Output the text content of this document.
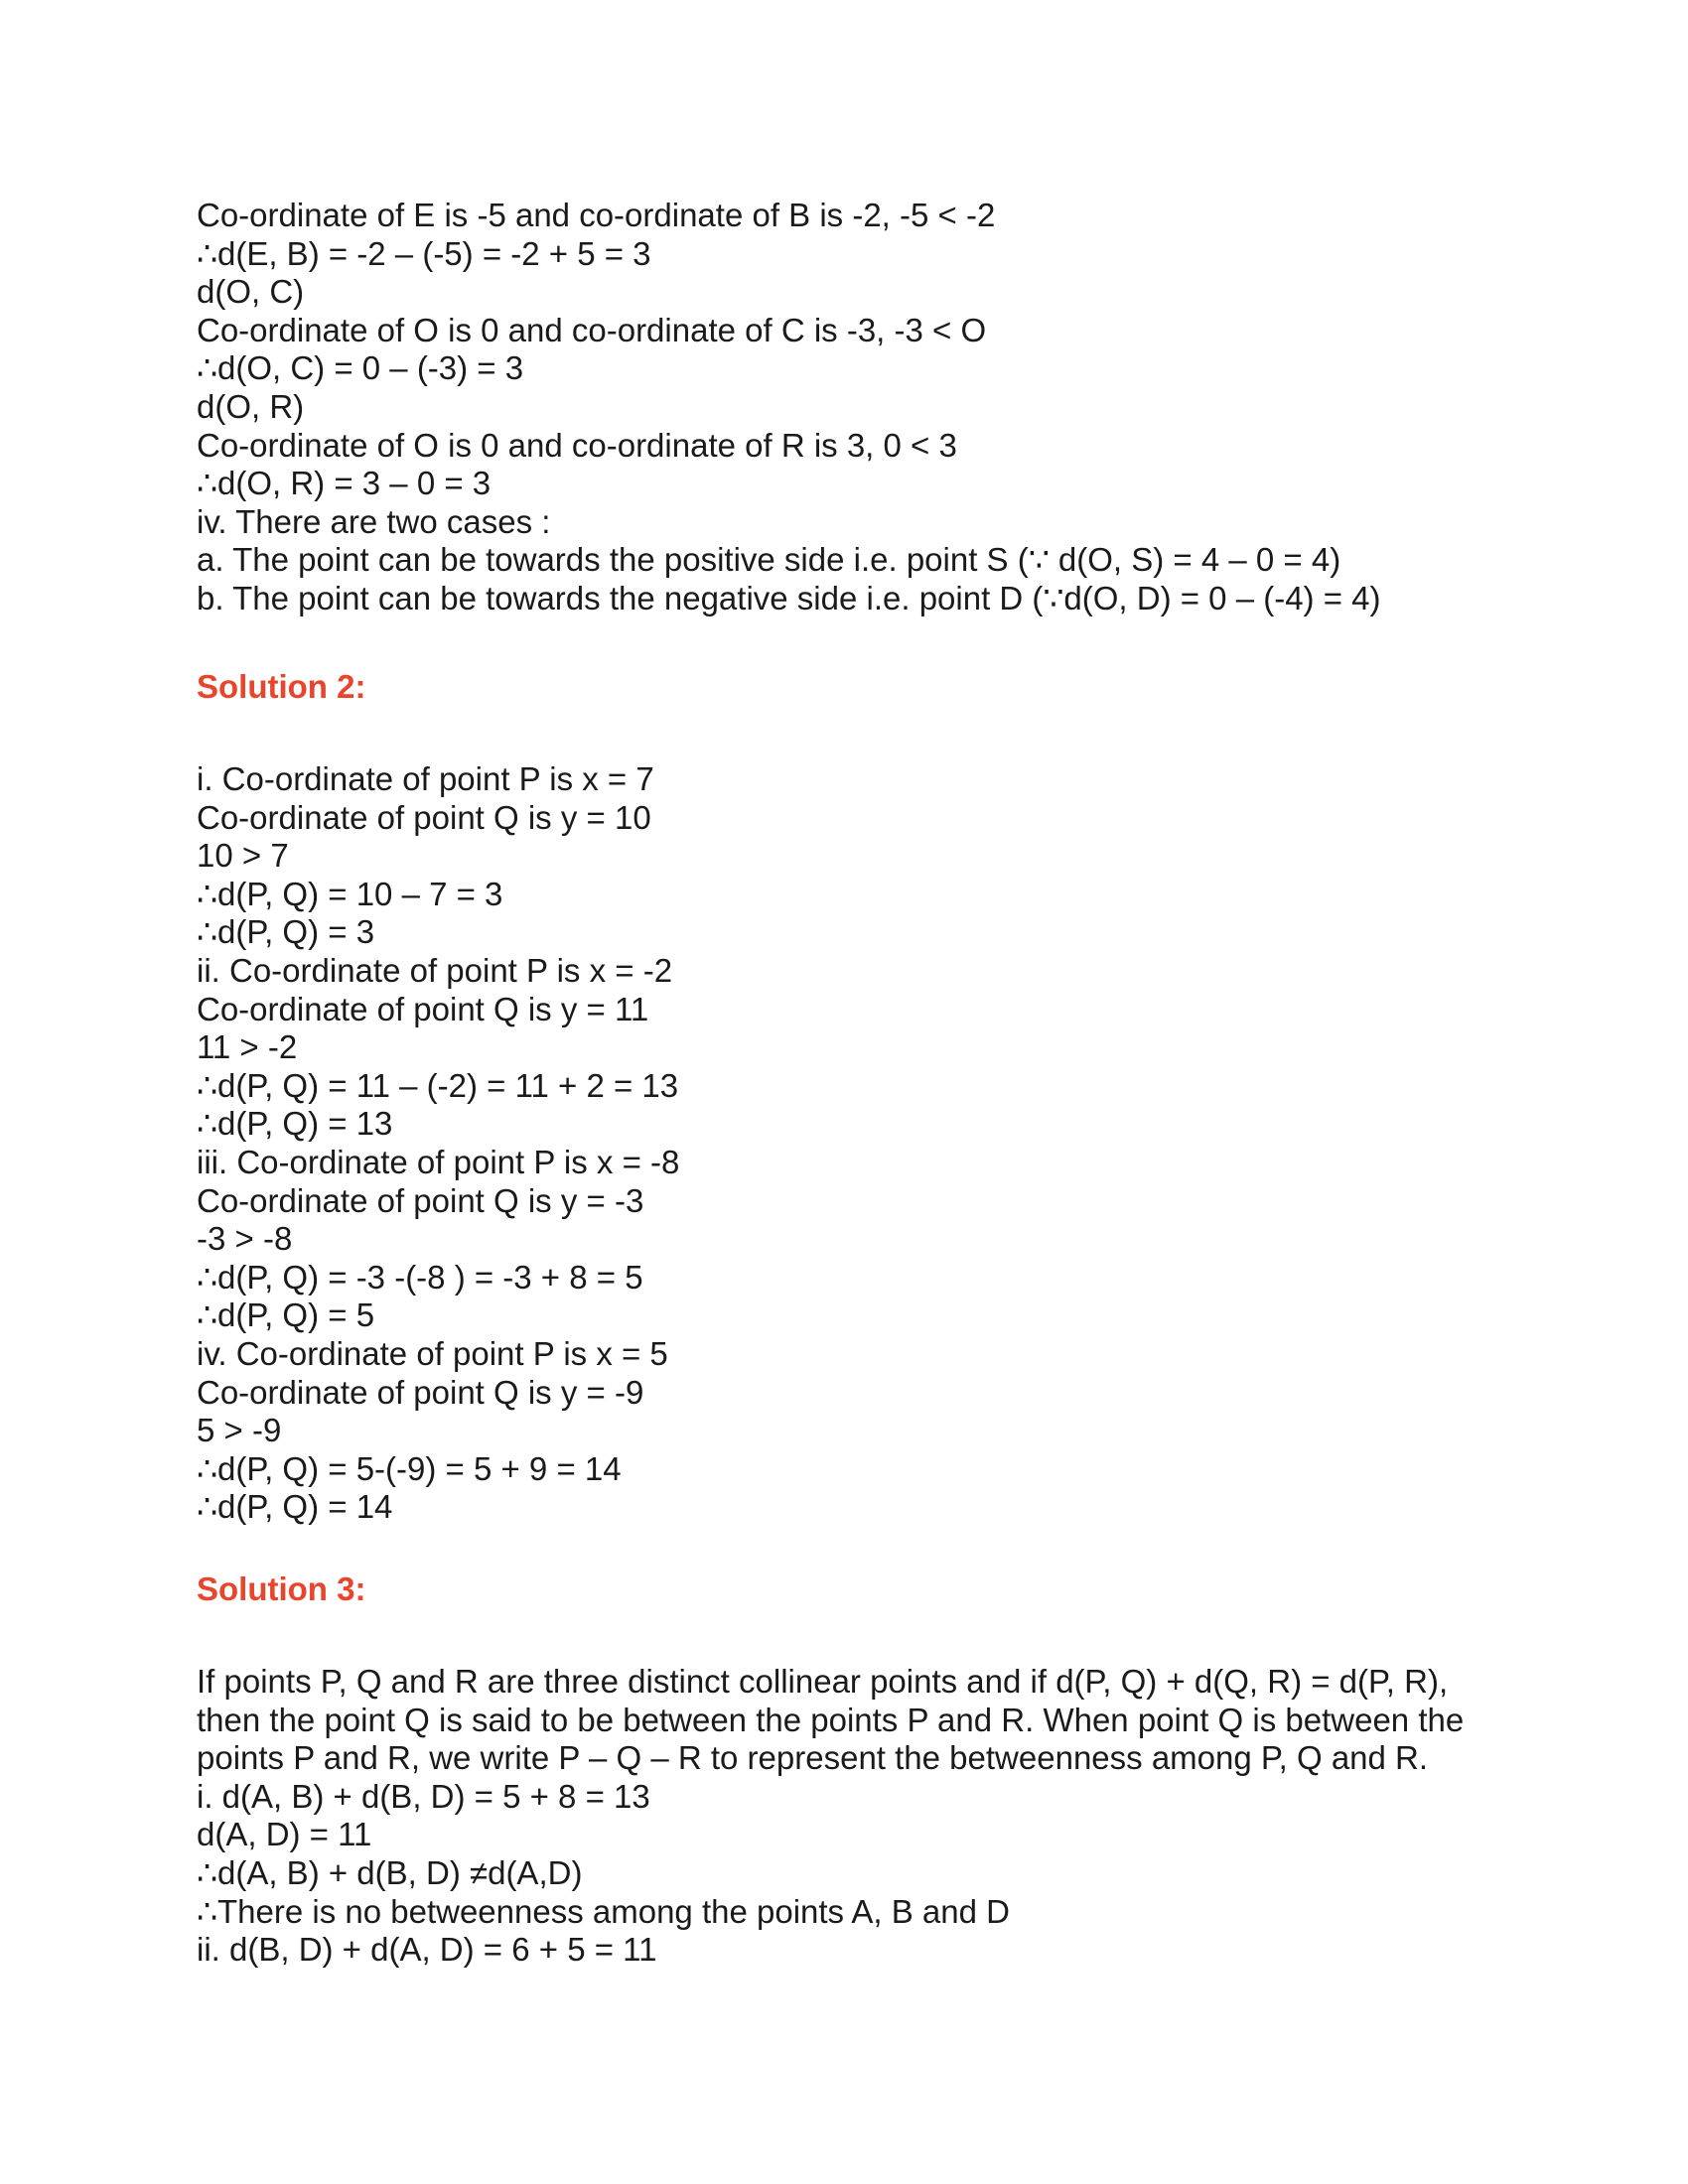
Co-ordinate of E is -5 and co-ordinate of B is -2, -5 < -2
∴d(E, B) = -2 – (-5) = -2 + 5 = 3
d(O, C)
Co-ordinate of O is 0 and co-ordinate of C is -3, -3 < O
∴d(O, C) = 0 – (-3) = 3
d(O, R)
Co-ordinate of O is 0 and co-ordinate of R is 3, 0 < 3
∴d(O, R) = 3 – 0 = 3
iv. There are two cases :
a. The point can be towards the positive side i.e. point S (∵ d(O, S) = 4 – 0 = 4)
b. The point can be towards the negative side i.e. point D (∵d(O, D) = 0 – (-4) = 4)
Solution 2:
i. Co-ordinate of point P is x = 7
Co-ordinate of point Q is y = 10
10 > 7
∴d(P, Q) = 10 – 7 = 3
∴d(P, Q) = 3
ii. Co-ordinate of point P is x = -2
Co-ordinate of point Q is y = 11
11 > -2
∴d(P, Q) = 11 – (-2) = 11 + 2 = 13
∴d(P, Q) = 13
iii. Co-ordinate of point P is x = -8
Co-ordinate of point Q is y = -3
-3 > -8
∴d(P, Q) = -3 -(-8 ) = -3 + 8 = 5
∴d(P, Q) = 5
iv. Co-ordinate of point P is x = 5
Co-ordinate of point Q is y = -9
5 > -9
∴d(P, Q) = 5-(-9) = 5 + 9 = 14
∴d(P, Q) = 14
Solution 3:
If points P, Q and R are three distinct collinear points and if d(P, Q) + d(Q, R) = d(P, R), then the point Q is said to be between the points P and R. When point Q is between the points P and R, we write P – Q – R to represent the betweenness among P, Q and R.
i. d(A, B) + d(B, D) = 5 + 8 = 13
d(A, D) = 11
∴d(A, B) + d(B, D) ≠d(A,D)
∴There is no betweenness among the points A, B and D
ii. d(B, D) + d(A, D) = 6 + 5 = 11
